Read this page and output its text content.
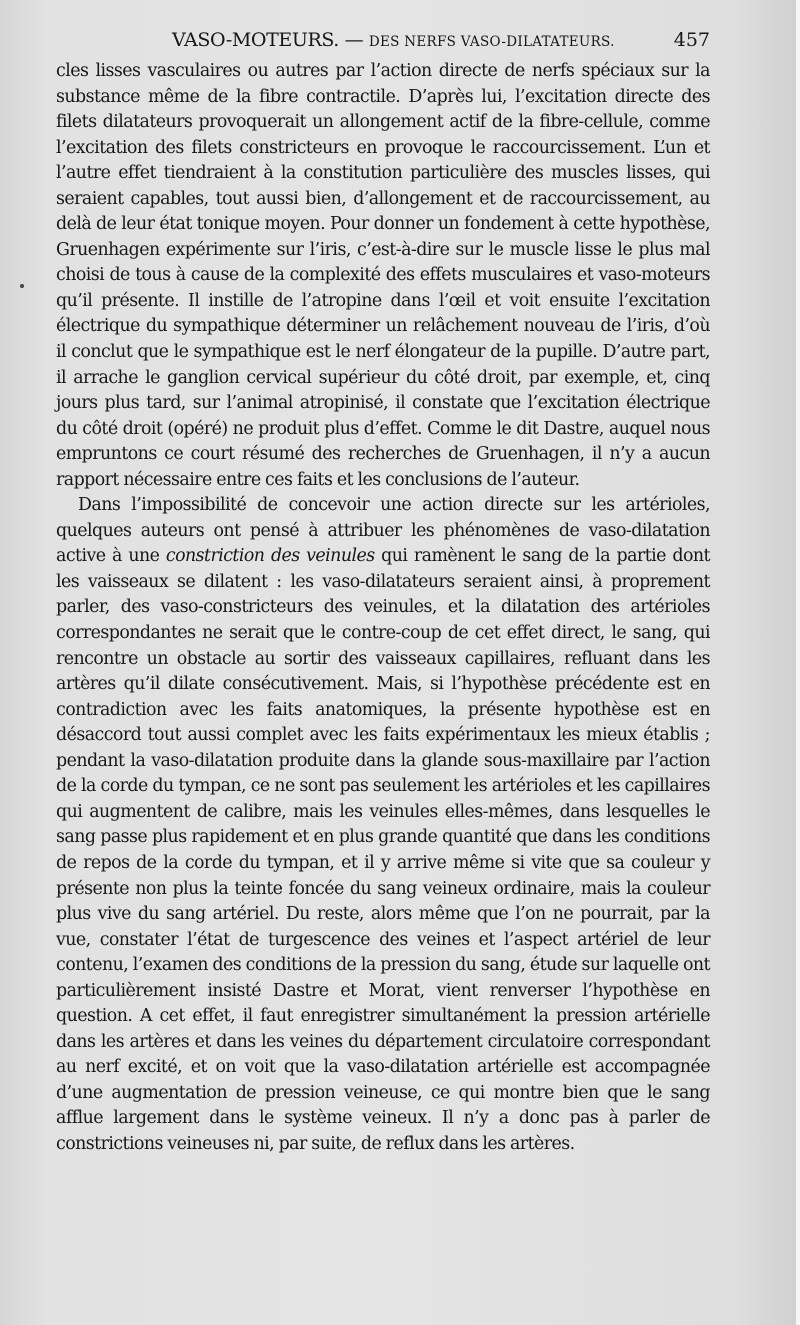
VASO-MOTEURS. — DES NERFS VASO-DILATATEURS.	457

cles lisses vasculaires ou autres par l’action directe de nerfs spéciaux sur la substance même de la fibre contractile. D’après lui, l’excitation directe des filets dilatateurs provoquerait un allongement actif de la fibre-cellule, comme l’excitation des filets constricteurs en provoque le raccourcissement. L’un et l’autre effet tiendraient à la constitution particulière des muscles lisses, qui seraient capables, tout aussi bien, d’allongement et de raccourcissement, au delà de leur état tonique moyen. Pour donner un fondement à cette hypothèse, Gruenhagen expérimente sur l’iris, c’est-à-dire sur le muscle lisse le plus mal choisi de tous à cause de la complexité des effets musculaires et vaso-moteurs qu’il présente. Il instille de l’atropine dans l’œil et voit ensuite l’excitation électrique du sympathique déterminer un relâchement nouveau de l’iris, d’où il conclut que le sympathique est le nerf élongateur de la pupille. D’autre part, il arrache le ganglion cervical supérieur du côté droit, par exemple, et, cinq jours plus tard, sur l’animal atropinisé, il constate que l’excitation électrique du côté droit (opéré) ne produit plus d’effet. Comme le dit Dastre, auquel nous empruntons ce court résumé des recherches de Gruenhagen, il n’y a aucun rapport nécessaire entre ces faits et les conclusions de l’auteur.

Dans l’impossibilité de concevoir une action directe sur les artérioles, quelques auteurs ont pensé à attribuer les phénomènes de vaso-dilatation active à une constriction des veinules qui ramènent le sang de la partie dont les vaisseaux se dilatent : les vaso-dilatateurs seraient ainsi, à proprement parler, des vaso-constricteurs des veinules, et la dilatation des artérioles correspondantes ne serait que le contre-coup de cet effet direct, le sang, qui rencontre un obstacle au sortir des vaisseaux capillaires, refluant dans les artères qu’il dilate consécutivement. Mais, si l’hypothèse précédente est en contradiction avec les faits anatomiques, la présente hypothèse est en désaccord tout aussi complet avec les faits expérimentaux les mieux établis ; pendant la vaso-dilatation produite dans la glande sous-maxillaire par l’action de la corde du tympan, ce ne sont pas seulement les artérioles et les capillaires qui augmentent de calibre, mais les veinules elles-mêmes, dans lesquelles le sang passe plus rapidement et en plus grande quantité que dans les conditions de repos de la corde du tympan, et il y arrive même si vite que sa couleur y présente non plus la teinte foncée du sang veineux ordinaire, mais la couleur plus vive du sang artériel. Du reste, alors même que l’on ne pourrait, par la vue, constater l’état de turgescence des veines et l’aspect artériel de leur contenu, l’examen des conditions de la pression du sang, étude sur laquelle ont particulièrement insisté Dastre et Morat, vient renverser l’hypothèse en question. A cet effet, il faut enregistrer simultanément la pression artérielle dans les artères et dans les veines du département circulatoire correspondant au nerf excité, et on voit que la vaso-dilatation artérielle est accompagnée d’une augmentation de pression veineuse, ce qui montre bien que le sang afflue largement dans le système veineux. Il n’y a donc pas à parler de constrictions veineuses ni, par suite, de reflux dans les artères.
